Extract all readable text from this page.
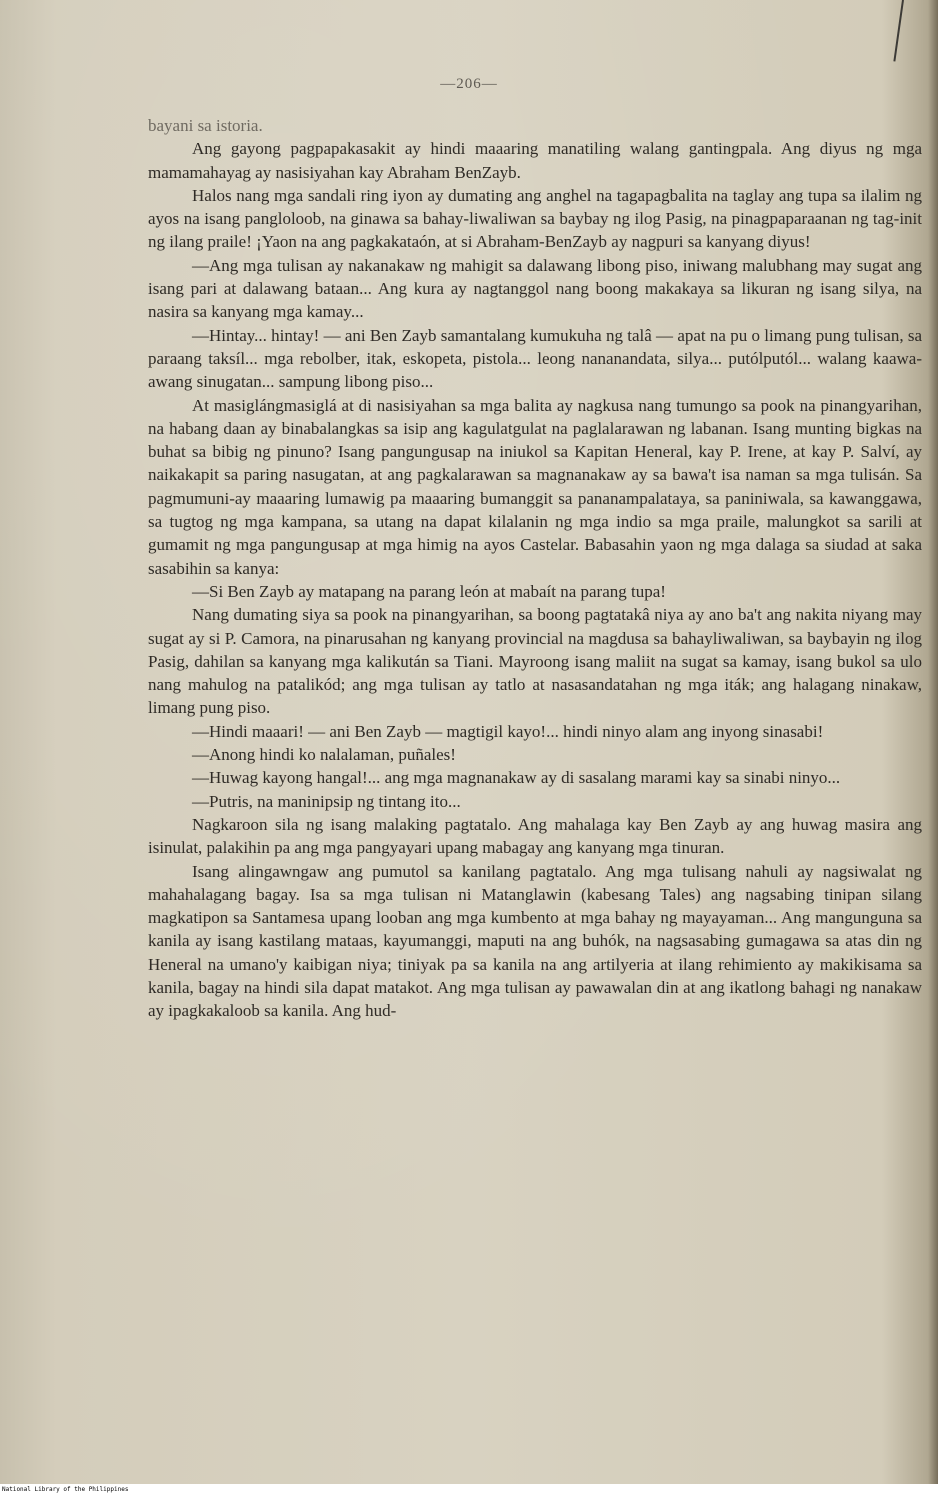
—206—

bayani sa istoria.

Ang gayong pagpapakasakit ay hindi maaaring manatiling walang gantingpala. Ang diyus ng mga mamamahayag ay nasisiyahan kay Abraham BenZayb.

Halos nang mga sandali ring iyon ay dumating ang anghel na tagapagbalita na taglay ang tupa sa ilalim ng ayos na isang pangloloob, na ginawa sa bahay-liwaliwan sa baybay ng ilog Pasig, na pinagpaparaanan ng tag-init ng ilang praile! ¡Yaon na ang pagkakataón, at si Abraham-BenZayb ay nagpuri sa kanyang diyus!

—Ang mga tulisan ay nakanakaw ng mahigit sa dalawang libong piso, iniwang malubhang may sugat ang isang pari at dalawang bataan... Ang kura ay nagtanggol nang boong makakaya sa likuran ng isang silya, na nasira sa kanyang mga kamay...

—Hintay... hintay! — ani Ben Zayb samantalang kumukuha ng talâ — apat na pu o limang pung tulisan, sa paraang taksíl... mga rebolber, itak, eskopeta, pistola... leong nananandata, silya... putólputól... walang kaawa-awang sinugatan... sampung libong piso...

At masiglángmasiglá at di nasisiyahan sa mga balita ay nagkusa nang tumungo sa pook na pinangyarihan, na habang daan ay binabalangkas sa isip ang kagulatgulat na paglalarawan ng labanan. Isang munting bigkas na buhat sa bibig ng pinuno? Isang pangungusap na iniukol sa Kapitan Heneral, kay P. Irene, at kay P. Salví, ay naikakapit sa paring nasugatan, at ang pagkalarawan sa magnanakaw ay sa bawa't isa naman sa mga tulisán. Sa pagmumuni-ay maaaring lumawig pa maaaring bumanggit sa pananampalataya, sa paniniwala, sa kawanggawa, sa tugtog ng mga kampana, sa utang na dapat kilalanin ng mga indio sa mga praile, malungkot sa sarili at gumamit ng mga pangungusap at mga himig na ayos Castelar. Babasahin yaon ng mga dalaga sa siudad at saka sasabihin sa kanya:

—Si Ben Zayb ay matapang na parang león at mabaít na parang tupa!

Nang dumating siya sa pook na pinangyarihan, sa boong pagtatakâ niya ay ano ba't ang nakita niyang may sugat ay si P. Camora, na pinarusahan ng kanyang provincial na magdusa sa bahayliwaliwan, sa baybayin ng ilog Pasig, dahilan sa kanyang mga kalikután sa Tiani. Mayroong isang maliit na sugat sa kamay, isang bukol sa ulo nang mahulog na patalikód; ang mga tulisan ay tatlo at nasasandatahan ng mga iták; ang halagang ninakaw, limang pung piso.

—Hindi maaari! — ani Ben Zayb — magtigil kayo!... hindi ninyo alam ang inyong sinasabi!

—Anong hindi ko nalalaman, puñales!

—Huwag kayong hangal!... ang mga magnanakaw ay di sasalang marami kay sa sinabi ninyo...

—Putris, na maninipsip ng tintang ito...

Nagkaroon sila ng isang malaking pagtatalo. Ang mahalaga kay Ben Zayb ay ang huwag masira ang isinulat, palakihin pa ang mga pangyayari upang mabagay ang kanyang mga tinuran.

Isang alingawngaw ang pumutol sa kanilang pagtatalo. Ang mga tulisang nahuli ay nagsiwalat ng mahahalagang bagay. Isa sa mga tulisan ni Matanglawin (kabesang Tales) ang nagsabing tinipan silang magkatipon sa Santamesa upang looban ang mga kumbento at mga bahay ng mayayaman... Ang mangunguna sa kanila ay isang kastilang mataas, kayumanggi, maputi na ang buhók, na nagsasabing gumagawa sa atas din ng Heneral na umano'y kaibigan niya; tiniyak pa sa kanila na ang artilyeria at ilang rehimiento ay makikisama sa kanila, bagay na hindi sila dapat matakot. Ang mga tulisan ay pawawalan din at ang ikatlong bahagi ng nanakaw ay ipagkakaloob sa kanila. Ang hud-

National Library of the Philippines
